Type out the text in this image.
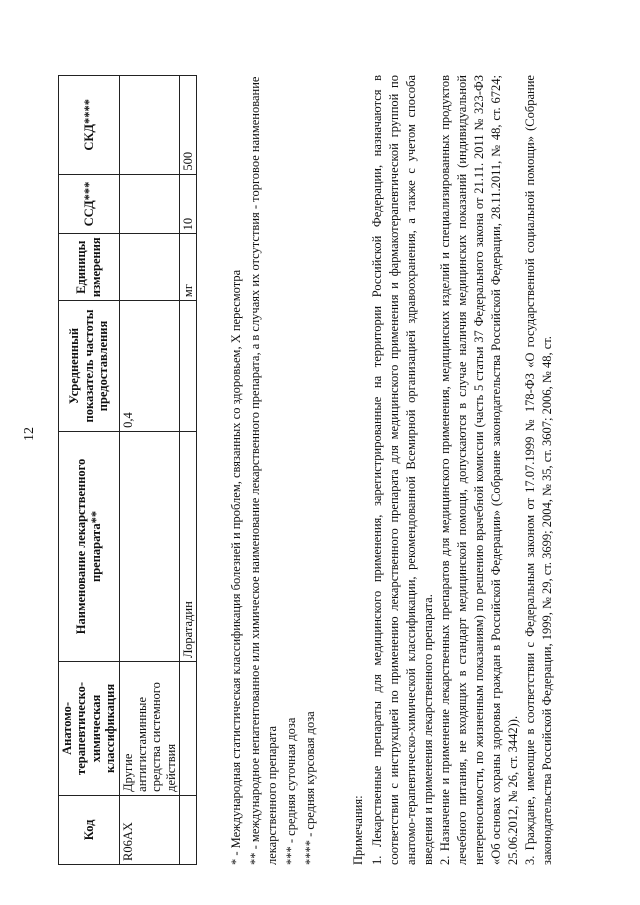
12
Код	Анатомо-терапевтическо-химическая классификация	Наименование лекарственного препарата**	Усредненный показатель частоты предоставления	Единицы измерения	ССД***	СКД****
R06AX	Другие антигистаминные средства системного действия		0,4			
		Лоратадин		мг	10	500

* - Международная статистическая классификация болезней и проблем, связанных со здоровьем, Х пересмотра ** - международное непатентованное или химическое наименование лекарственного препарата, а в случаях их отсутствия - торговое наименование лекарственного препарата *** - средняя суточная доза **** - средняя курсовая доза	Примечания: 1. Лекарственные препараты для медицинского применения, зарегистрированные на территории Российской Федерации, назначаются в соответствии с инструкцией по применению лекарственного препарата для медицинского применения и фармакотерапевтической группой по анатомо-терапевтическо-химической классификации, рекомендованной Всемирной организацией здравоохранения, а также с учетом способа введения и применения лекарственного препарата. 2. Назначение и применение лекарственных препаратов для медицинского применения, медицинских изделий и специализированных продуктов лечебного питания, не входящих в стандарт медицинской помощи, допускаются в случае наличия медицинских показаний (индивидуальной непереносимости, по жизненным показаниям) по решению врачебной комиссии (часть 5 статьи 37 Федерального закона от 21.11. 2011 № 323-ФЗ «Об основах охраны здоровья граждан в Российской Федерации» (Собрание законодательства Российской Федерации, 28.11.2011, № 48, ст. 6724; 25.06.2012, № 26, ст. 3442)). 3. Граждане, имеющие в соответствии с Федеральным законом от 17.07.1999 № 178-ФЗ «О государственной социальной помощи» (Собрание законодательства Российской Федерации, 1999, № 29, ст. 3699; 2004, № 35, ст. 3607; 2006, № 48, ст.
